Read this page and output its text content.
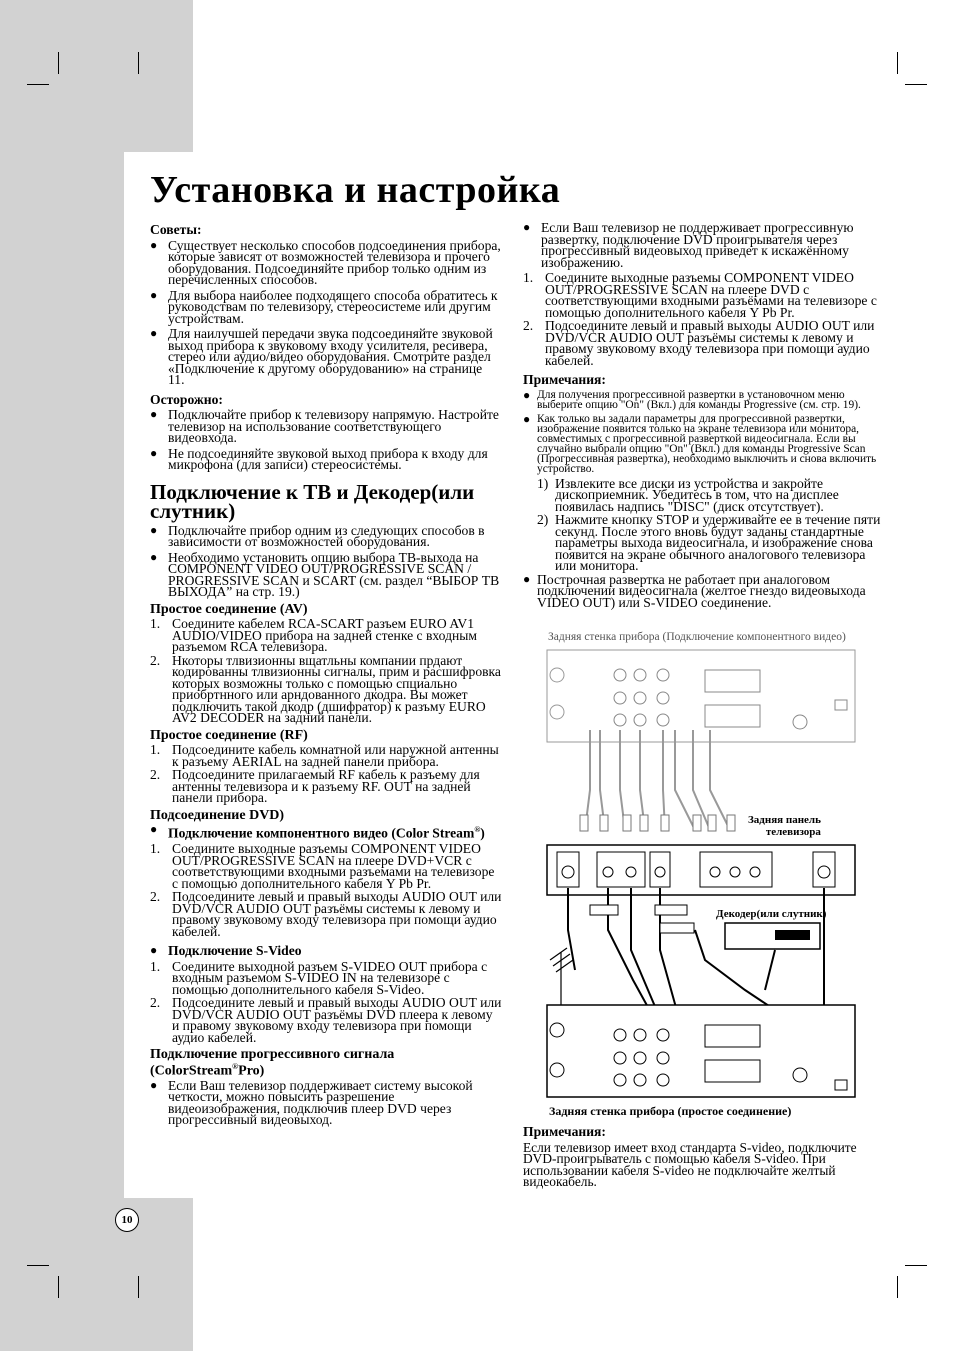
Установка и настройка
Советы:
● Существует несколько способов подсоединения прибора, которые зависят от возможностей телевизора и прочего оборудования. Подсоединяйте прибор только одним из перечисленных способов.
● Для выбора наиболее подходящего способа обратитесь к руководствам по телевизору, стереосистеме или другим устройствам.
● Для наилучшей передачи звука подсоединяйте звуковой выход прибора к звуковому входу усилителя, ресивера, стерео или аудио/видео оборудования. Смотрите раздел «Подключение к другому оборудованию» на странице 11.
Осторожно:
● Подключайте прибор к телевизору напрямую. Настройте телевизор на использование соответствующего видеовхода.
● Не подсоединяйте звуковой выход прибора к входу для микрофона (для записи) стереосистемы.
Подключение к ТВ и Декодер(или слутник)
● Подключайте прибор одним из следующих способов в зависимости от возможностей оборудования.
● Необходимо установить опцию выбора ТВ-выхода на COMPONENT VIDEO OUT/PROGRESSIVE SCAN / PROGRESSIVE SCAN и SCART (см. раздел “ВЫБОР ТВ ВЫХОДА” на стр. 19.)
Простое соединение (AV)
1. Соедините кабелем RCA-SCART разъем EURO AV1 AUDIO/VIDEO прибора на задней стенке с входным разъемом RCA телевизора.
2. Нкоторы тлвизионны вщатльны компании прдают кодированны тлвизионны сигналы, прим и расшифровка которых возможны только с помощью спциально приобртнного или арндованного дкодра. Вы может подключить такой дкодр (дшифратор) к разъму EURO AV2 DECODER на задний панели.
Простое соединение (RF)
1. Подсоедините кабель комнатной или наружной антенны к разъему AERIAL на задней панели прибора.
2. Подсоедините прилагаемый RF кабель к разъему для антенны телевизора и к разъему RF. OUT на задней панели прибора.
Подсоединение DVD)
● Подключение компонентного видео (Color Stream®)
1. Соедините выходные разъемы COMPONENT VIDEO OUT/PROGRESSIVE SCAN на плеере DVD+VCR с соответствующими входными разъемами на телевизоре с помощью дополнительного кабеля Y Pb Pr.
2. Подсоедините левый и правый выходы AUDIO OUT или DVD/VCR AUDIO OUT разъёмы системы к левому и правому звуковому входу телевизора при помощи аудио кабелей.
● Подключение S-Video
1. Соедините выходной разъем S-VIDEO OUT прибора с входным разъемом S-VIDEO IN на телевизоре с помощью дополнительного кабеля S-Video.
2. Подсоедините левый и правый выходы AUDIO OUT или DVD/VCR AUDIO OUT разъёмы DVD плеера к левому и правому звуковому входу телевизора при помощи аудио кабелей.
Подключение прогрессивного сигнала
(ColorStream®Pro)
● Если Ваш телевизор поддерживает систему высокой четкости, можно повысить разрешение видеоизображения, подключив плеер DVD через прогрессивный видеовыход.
● Если Ваш телевизор не поддерживает прогрессивную развертку, подключение DVD проигрывателя через прогрессивный видеовыход приведет к искажённому изображению.
1. Соедините выходные разъемы COMPONENT VIDEO OUT/PROGRESSIVE SCAN на плеере DVD с соответствующими входными разъёмами на телевизоре с помощью дополнительного кабеля Y Pb Pr.
2. Подсоедините левый и правый выходы AUDIO OUT или DVD/VCR AUDIO OUT разъёмы системы к левому и правому звуковому входу телевизора при помощи аудио кабелей.
Примечания:
● Для получения прогрессивной развертки в установочном меню выберите опцию "On" (Вкл.) для команды Progressive (см. стр. 19).
● Как только вы задали параметры для прогрессивной развертки, изображение появится только на экране телевизора или монитора, совместимых с прогрессивной разверткой видеосигнала. Если вы случайно выбрали опцию "On" (Вкл.) для команды Progressive Scan (Прогрессивная развертка), необходимо выключить и снова включить устройство.
1) Извлеките все диски из устройства и закройте дископриемник. Убедитесь в том, что на дисплее появилась надпись "DISC" (диск отсутствует).
2) Нажмите кнопку STOP и удерживайте ее в течение пяти секунд. После этого вновь будут заданы стандартные параметры выхода видеосигнала, и изображение снова появится на экране обычного аналогового телевизора или монитора.
● Построчная развертка не работает при аналоговом подключении видеосигнала (желтое гнездо видеовыхода VIDEO OUT) или S-VIDEO соединение.
Задняя стенка прибора (Подключение компонентного видео)
Задняя панель
телевизора
Декодер(или слутник)
Задняя стенка прибора (простое соединение)
Примечания:
Если телевизор имеет вход стандарта S-video, подключите DVD-проигрыватель с помощью кабеля S-video. При использовании кабеля S-video не подключайте желтый видеокабель.
10
